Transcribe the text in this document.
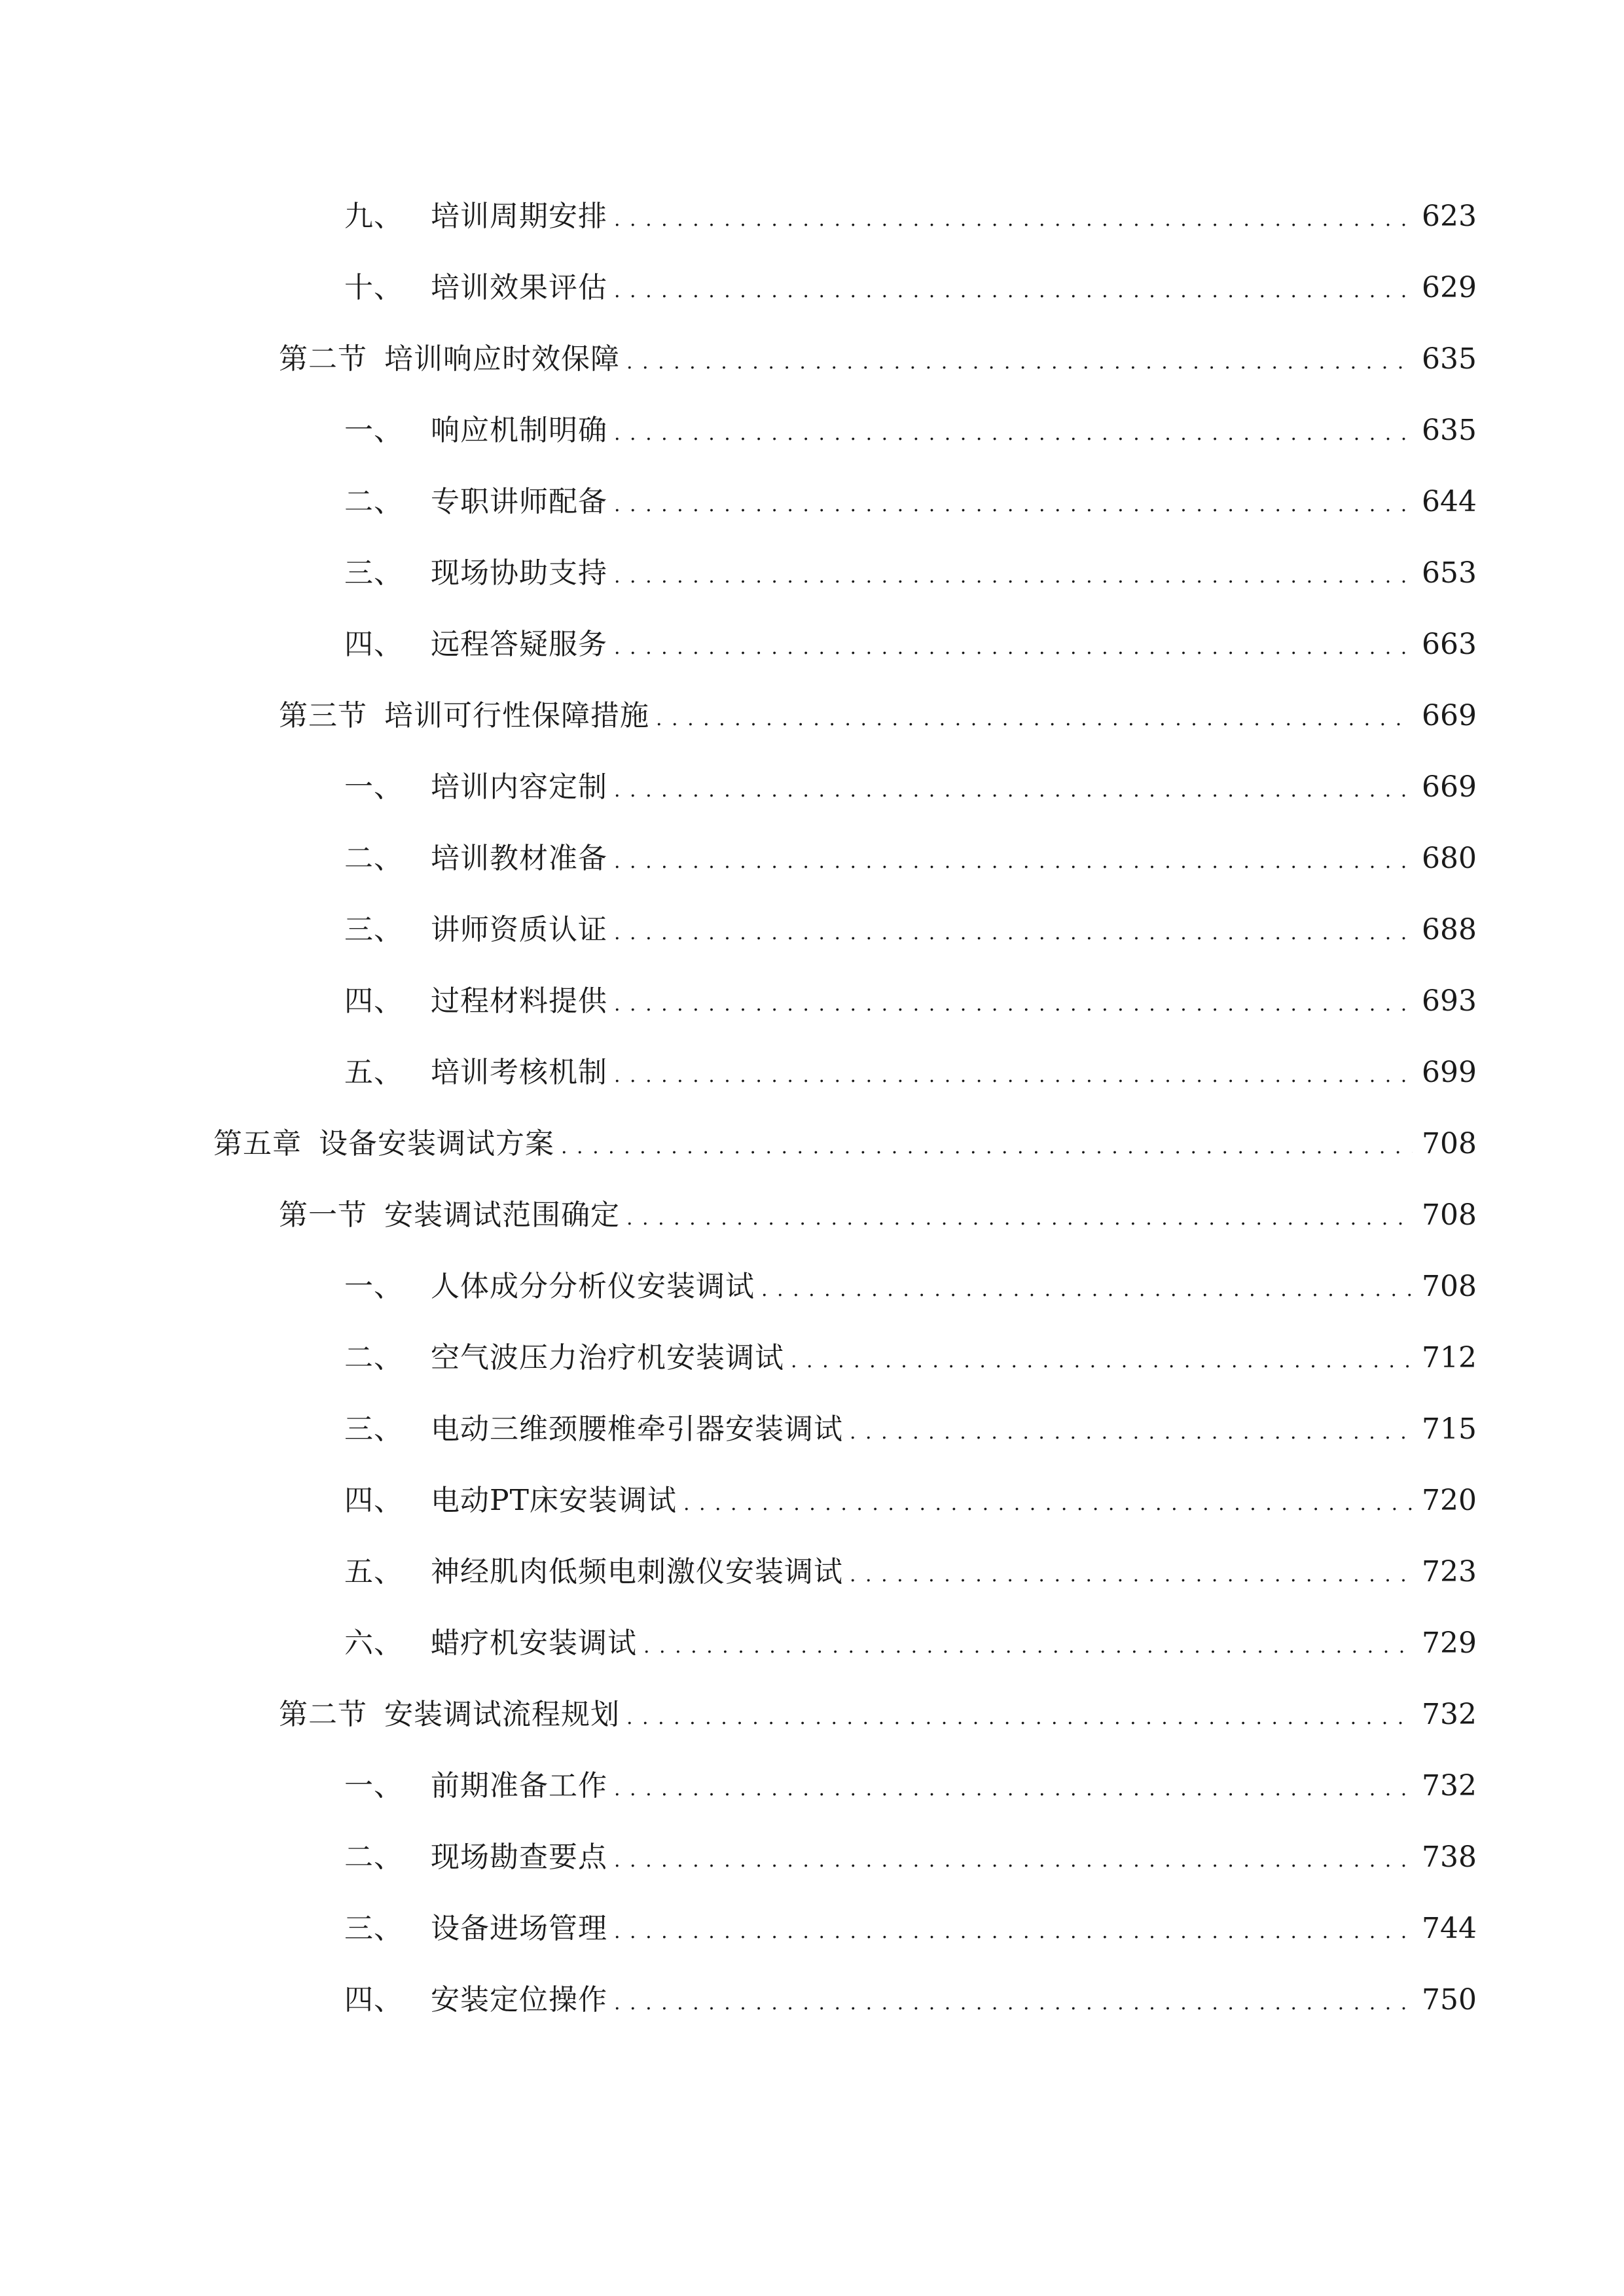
九、 培训周期安排 .....	623
十、 培训效果评估 .....	629
第二节 培训响应时效保障 .....	635
一、 响应机制明确 .....	635
二、 专职讲师配备 .....	644
三、 现场协助支持 .....	653
四、 远程答疑服务 .....	663
第三节 培训可行性保障措施 .....	669
一、 培训内容定制 .....	669
二、 培训教材准备 .....	680
三、 讲师资质认证 .....	688
四、 过程材料提供 .....	693
五、 培训考核机制 .....	699
第五章 设备安装调试方案 .....	708
第一节 安装调试范围确定 .....	708
一、 人体成分分析仪安装调试 .....	708
二、 空气波压力治疗机安装调试 .....	712
三、 电动三维颈腰椎牵引器安装调试 .....	715
四、 电动PT床安装调试 .....	720
五、 神经肌肉低频电刺激仪安装调试 .....	723
六、 蜡疗机安装调试 .....	729
第二节 安装调试流程规划 .....	732
一、 前期准备工作 .....	732
二、 现场勘查要点 .....	738
三、 设备进场管理 .....	744
四、 安装定位操作 .....	750
